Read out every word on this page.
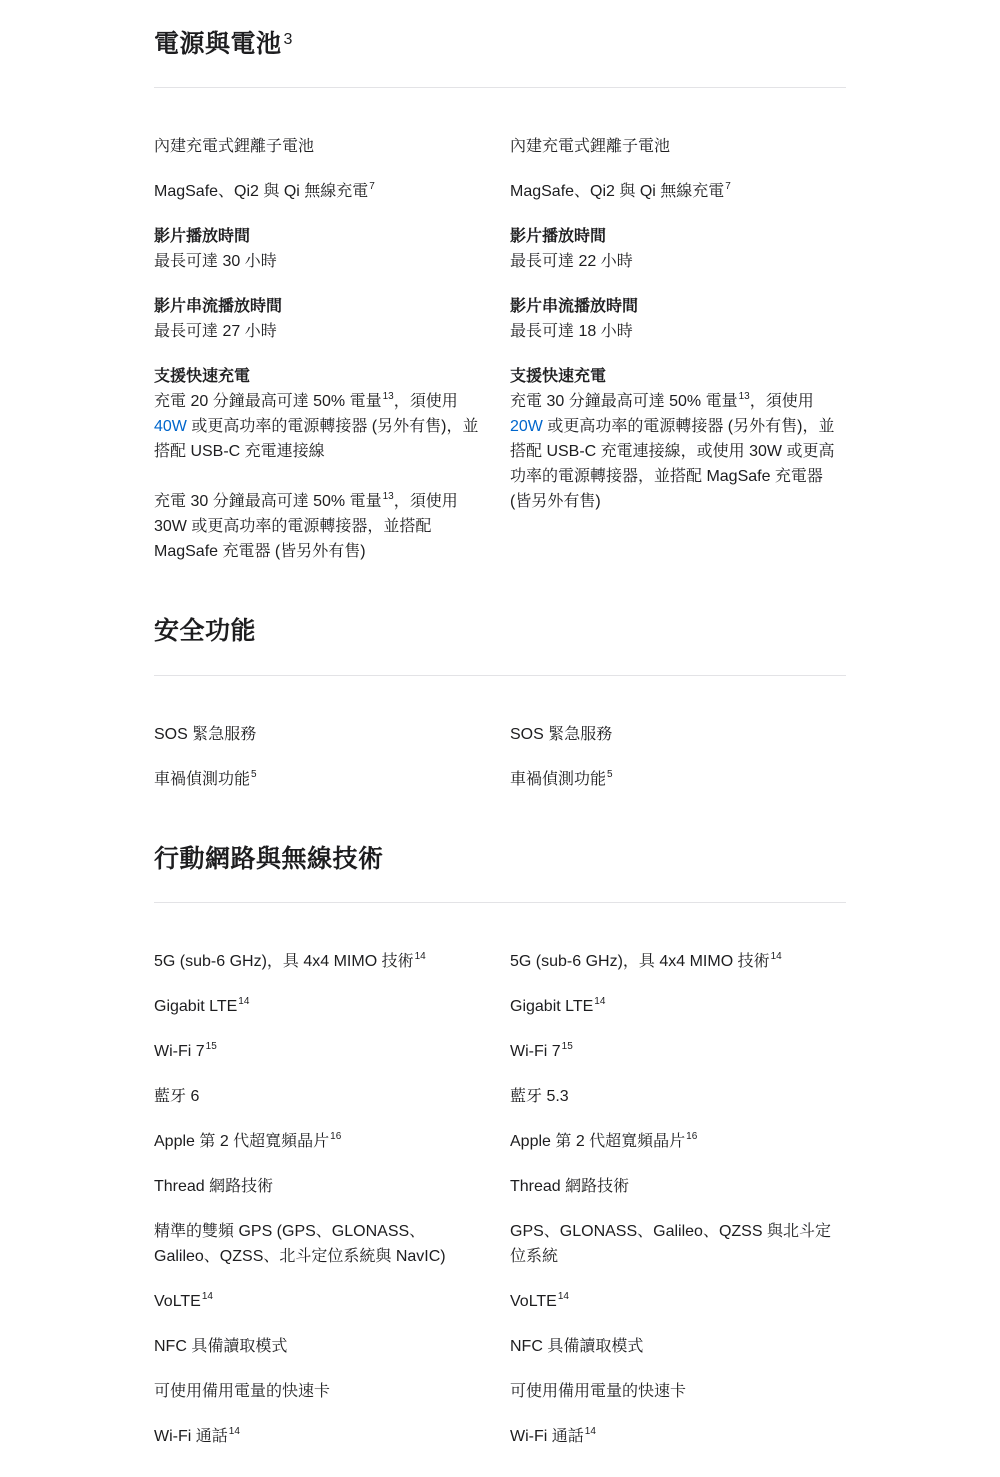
電源與電池 $^3$

內建充電式鋰離子電池

MagSafe、Qi2 與 Qi 無線充電$^7$

影片播放時間
最長可達 30 小時

影片串流播放時間
最長可達 27 小時

支援快速充電
充電 20 分鐘最高可達 50% 電量$^{13}$，須使用
40W 或更高功率的電源轉接器 (另外有售)，並搭配 USB-C 充電連接線
充電 30 分鐘最高可達 50% 電量$^{13}$，須使用 30W 或更高功率的電源轉接器，並搭配 MagSafe 充電器 (皆另外有售)

內建充電式鋰離子電池

MagSafe、Qi2 與 Qi 無線充電$^7$

影片播放時間
最長可達 22 小時

影片串流播放時間
最長可達 18 小時

支援快速充電
充電 30 分鐘最高可達 50% 電量$^{13}$，須使用
20W 或更高功率的電源轉接器 (另外有售)，並搭配 USB-C 充電連接線，或使用 30W 或更高功率的電源轉接器，並搭配 MagSafe 充電器 (皆另外有售)

安全功能

SOS 緊急服務

車禍偵測功能$^5$

SOS 緊急服務

車禍偵測功能$^5$

行動網路與無線技術

5G (sub-6 GHz)，具 4x4 MIMO 技術$^{14}$

Gigabit LTE$^{14}$

Wi‑Fi 7$^{15}$

藍牙 6

Apple 第 2 代超寬頻晶片$^{16}$

Thread 網路技術

精準的雙頻 GPS (GPS、GLONASS、Galileo、QZSS、北斗定位系統與 NavIC)

VoLTE$^{14}$

NFC 具備讀取模式

可使用備用電量的快速卡

Wi‑Fi 通話$^{14}$

5G (sub-6 GHz)，具 4x4 MIMO 技術$^{14}$

Gigabit LTE$^{14}$

Wi‑Fi 7$^{15}$

藍牙 5.3

Apple 第 2 代超寬頻晶片$^{16}$

Thread 網路技術

GPS、GLONASS、Galileo、QZSS 與北斗定位系統

VoLTE$^{14}$

NFC 具備讀取模式

可使用備用電量的快速卡

Wi‑Fi 通話$^{14}$
